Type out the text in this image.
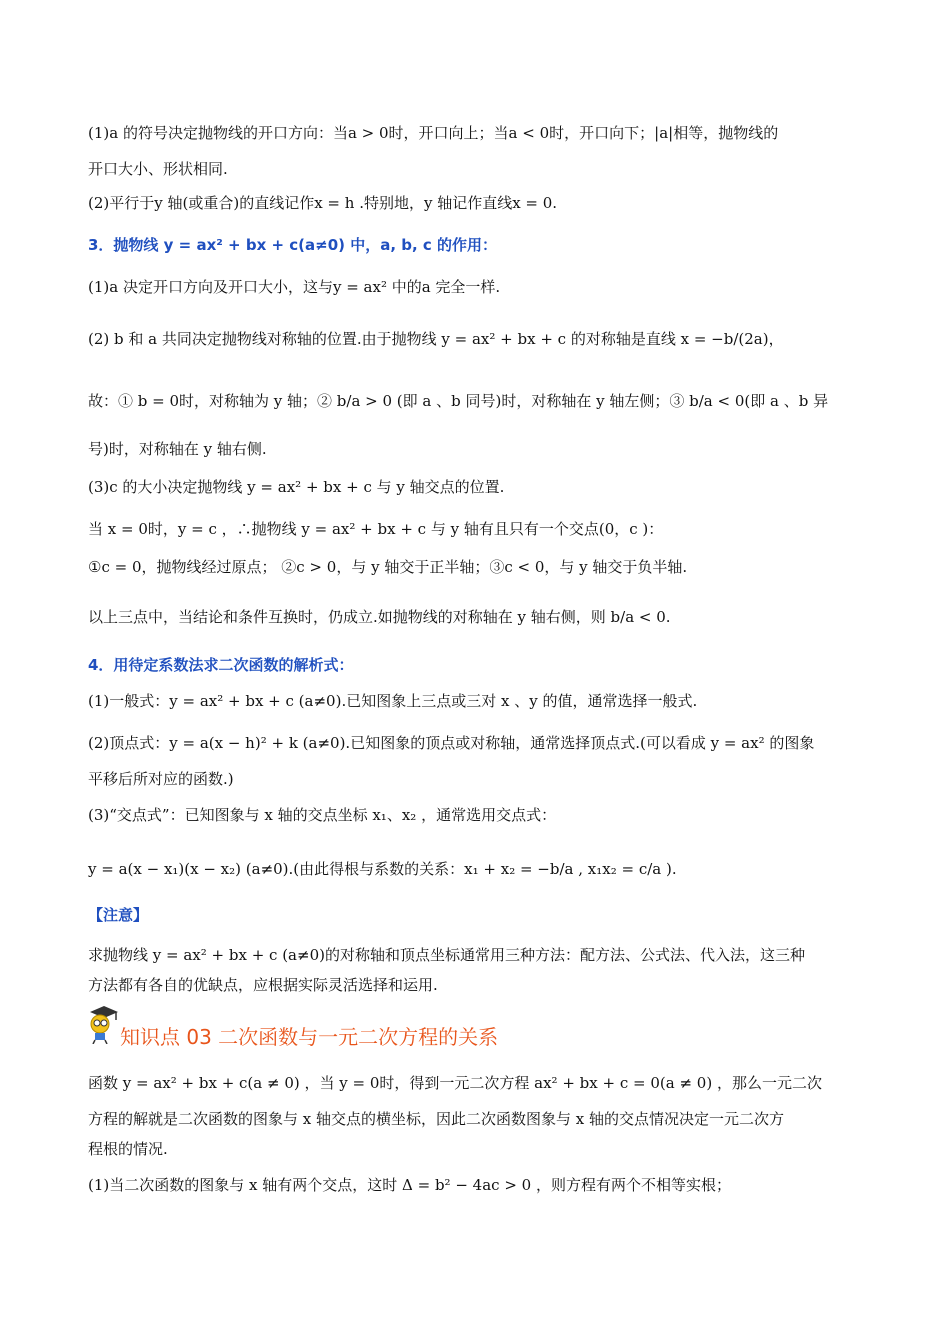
(1)a 的符号决定抛物线的开口方向：当a > 0时，开口向上；当a < 0时，开口向下；|a|相等，抛物线的
开口大小、形状相同.
(2)平行于y 轴(或重合)的直线记作x = h .特别地，y 轴记作直线x = 0.
3．抛物线 y = ax² + bx + c(a≠0) 中，a, b, c 的作用：
(1)a 决定开口方向及开口大小，这与y = ax² 中的a 完全一样.
(2) b 和 a 共同决定抛物线对称轴的位置.由于抛物线 y = ax² + bx + c 的对称轴是直线 x = −b/(2a)，
故：① b = 0时，对称轴为 y 轴；② b/a > 0 (即 a 、b 同号)时，对称轴在 y 轴左侧；③ b/a < 0(即 a 、b 异
号)时，对称轴在 y 轴右侧.
(3)c 的大小决定抛物线 y = ax² + bx + c 与 y 轴交点的位置.
当 x = 0时，y = c ，∴抛物线 y = ax² + bx + c 与 y 轴有且只有一个交点(0，c )：
①c = 0，抛物线经过原点； ②c > 0，与 y 轴交于正半轴；③c < 0，与 y 轴交于负半轴.
以上三点中，当结论和条件互换时，仍成立.如抛物线的对称轴在 y 轴右侧，则 b/a < 0.
4．用待定系数法求二次函数的解析式：
(1)一般式：y = ax² + bx + c (a≠0).已知图象上三点或三对 x 、y 的值，通常选择一般式.
(2)顶点式：y = a(x − h)² + k (a≠0).已知图象的顶点或对称轴，通常选择顶点式.(可以看成 y = ax² 的图象
平移后所对应的函数.)
(3)“交点式”：已知图象与 x 轴的交点坐标 x₁、x₂ ，通常选用交点式：
y = a(x − x₁)(x − x₂) (a≠0).(由此得根与系数的关系：x₁ + x₂ = −b/a , x₁x₂ = c/a ).
【注意】
求抛物线 y = ax² + bx + c (a≠0)的对称轴和顶点坐标通常用三种方法：配方法、公式法、代入法，这三种
方法都有各自的优缺点，应根据实际灵活选择和运用.
知识点 03 二次函数与一元二次方程的关系
函数 y = ax² + bx + c(a ≠ 0) ，当 y = 0时，得到一元二次方程 ax² + bx + c = 0(a ≠ 0) ，那么一元二次
方程的解就是二次函数的图象与 x 轴交点的横坐标，因此二次函数图象与 x 轴的交点情况决定一元二次方
程根的情况.
(1)当二次函数的图象与 x 轴有两个交点，这时 Δ = b² − 4ac > 0 ，则方程有两个不相等实根；
